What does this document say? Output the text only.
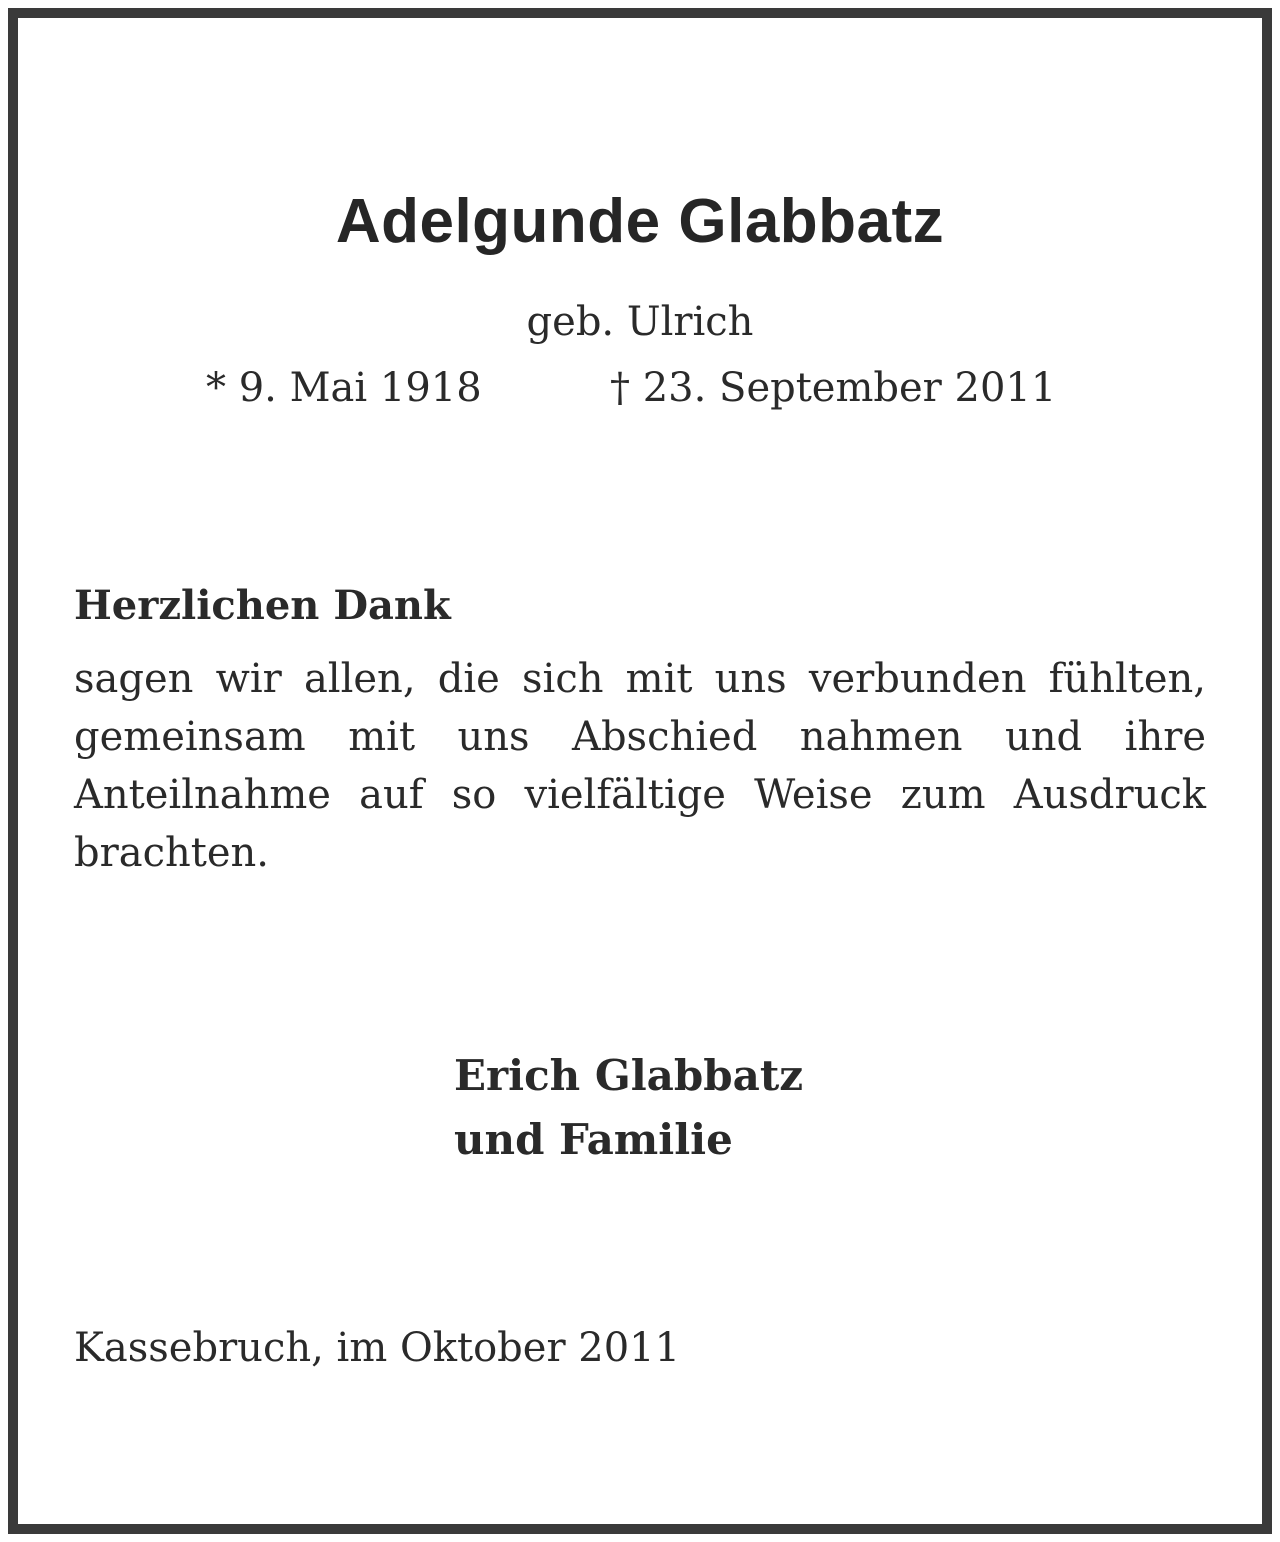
Adelgunde Glabbatz

geb. Ulrich

* 9. Mai 1918	† 23. September 2011
Herzlichen Dank

sagen wir allen, die sich mit uns verbunden fühlten, gemeinsam mit uns Abschied nahmen und ihre Anteilnahme auf so vielfältige Weise zum Ausdruck brachten.

Erich Glabbatz
und Familie

Kassebruch, im Oktober 2011
